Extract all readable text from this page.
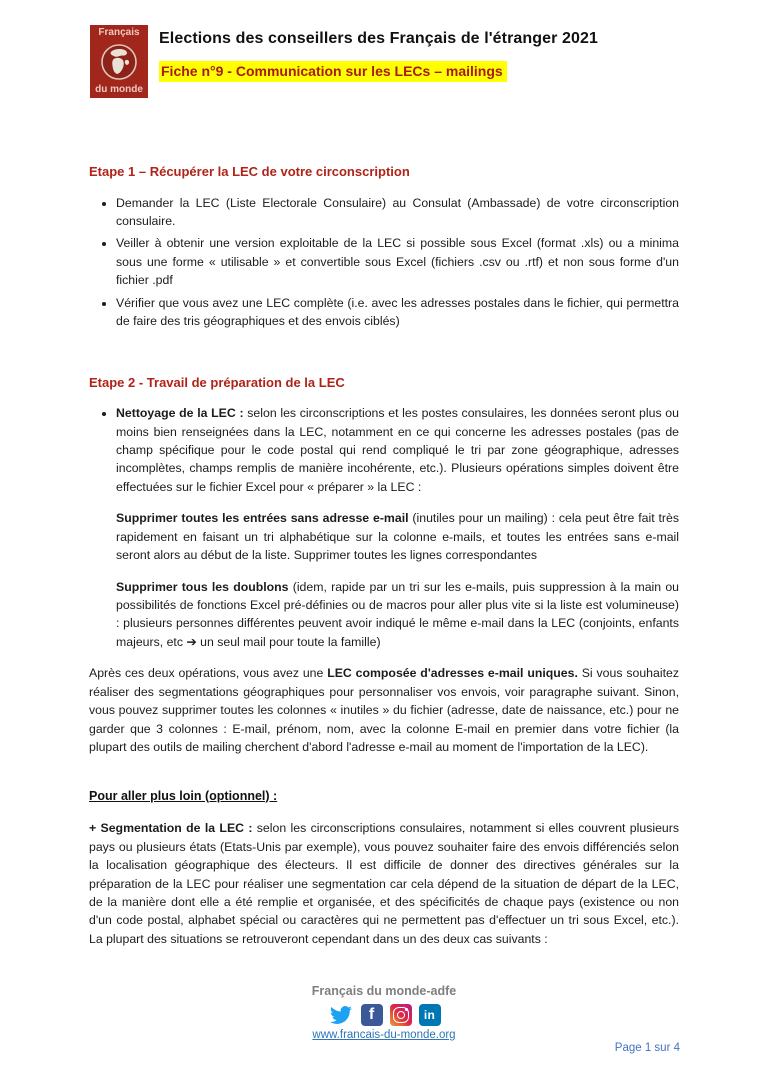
Français
du monde
Elections des conseillers des Français de l'étranger 2021
Fiche n°9 - Communication sur les LECs – mailings
Etape 1 – Récupérer la LEC de votre circonscription
• Demander la LEC (Liste Electorale Consulaire) au Consulat (Ambassade) de votre circonscription consulaire.
• Veiller à obtenir une version exploitable de la LEC si possible sous Excel (format .xls) ou a minima sous une forme « utilisable » et convertible sous Excel (fichiers .csv ou .rtf) et non sous forme d'un fichier .pdf
• Vérifier que vous avez une LEC complète (i.e. avec les adresses postales dans le fichier, qui permettra de faire des tris géographiques et des envois ciblés)
Etape 2 - Travail de préparation de la LEC
• Nettoyage de la LEC : selon les circonscriptions et les postes consulaires, les données seront plus ou moins bien renseignées dans la LEC, notamment en ce qui concerne les adresses postales (pas de champ spécifique pour le code postal qui rend compliqué le tri par zone géographique, adresses incomplètes, champs remplis de manière incohérente, etc.). Plusieurs opérations simples doivent être effectuées sur le fichier Excel pour « préparer » la LEC :

Supprimer toutes les entrées sans adresse e-mail (inutiles pour un mailing) : cela peut être fait très rapidement en faisant un tri alphabétique sur la colonne e-mails, et toutes les entrées sans e-mail seront alors au début de la liste. Supprimer toutes les lignes correspondantes

Supprimer tous les doublons (idem, rapide par un tri sur les e-mails, puis suppression à la main ou possibilités de fonctions Excel pré-définies ou de macros pour aller plus vite si la liste est volumineuse) : plusieurs personnes différentes peuvent avoir indiqué le même e-mail dans la LEC (conjoints, enfants majeurs, etc ➔ un seul mail pour toute la famille)

Après ces deux opérations, vous avez une LEC composée d'adresses e-mail uniques. Si vous souhaitez réaliser des segmentations géographiques pour personnaliser vos envois, voir paragraphe suivant. Sinon, vous pouvez supprimer toutes les colonnes « inutiles » du fichier (adresse, date de naissance, etc.) pour ne garder que 3 colonnes : E-mail, prénom, nom, avec la colonne E-mail en premier dans votre fichier (la plupart des outils de mailing cherchent d'abord l'adresse e-mail au moment de l'importation de la LEC).

Pour aller plus loin (optionnel) :

+ Segmentation de la LEC : selon les circonscriptions consulaires, notamment si elles couvrent plusieurs pays ou plusieurs états (Etats-Unis par exemple), vous pouvez souhaiter faire des envois différenciés selon la localisation géographique des électeurs. Il est difficile de donner des directives générales sur la préparation de la LEC pour réaliser une segmentation car cela dépend de la situation de départ de la LEC, de la manière dont elle a été remplie et organisée, et des spécificités de chaque pays (existence ou non d'un code postal, alphabet spécial ou caractères qui ne permettent pas d'effectuer un tri sous Excel, etc.). La plupart des situations se retrouveront cependant dans un des deux cas suivants :

Français du monde-adfe
f	in
www.francais-du-monde.org
Page 1 sur 4
